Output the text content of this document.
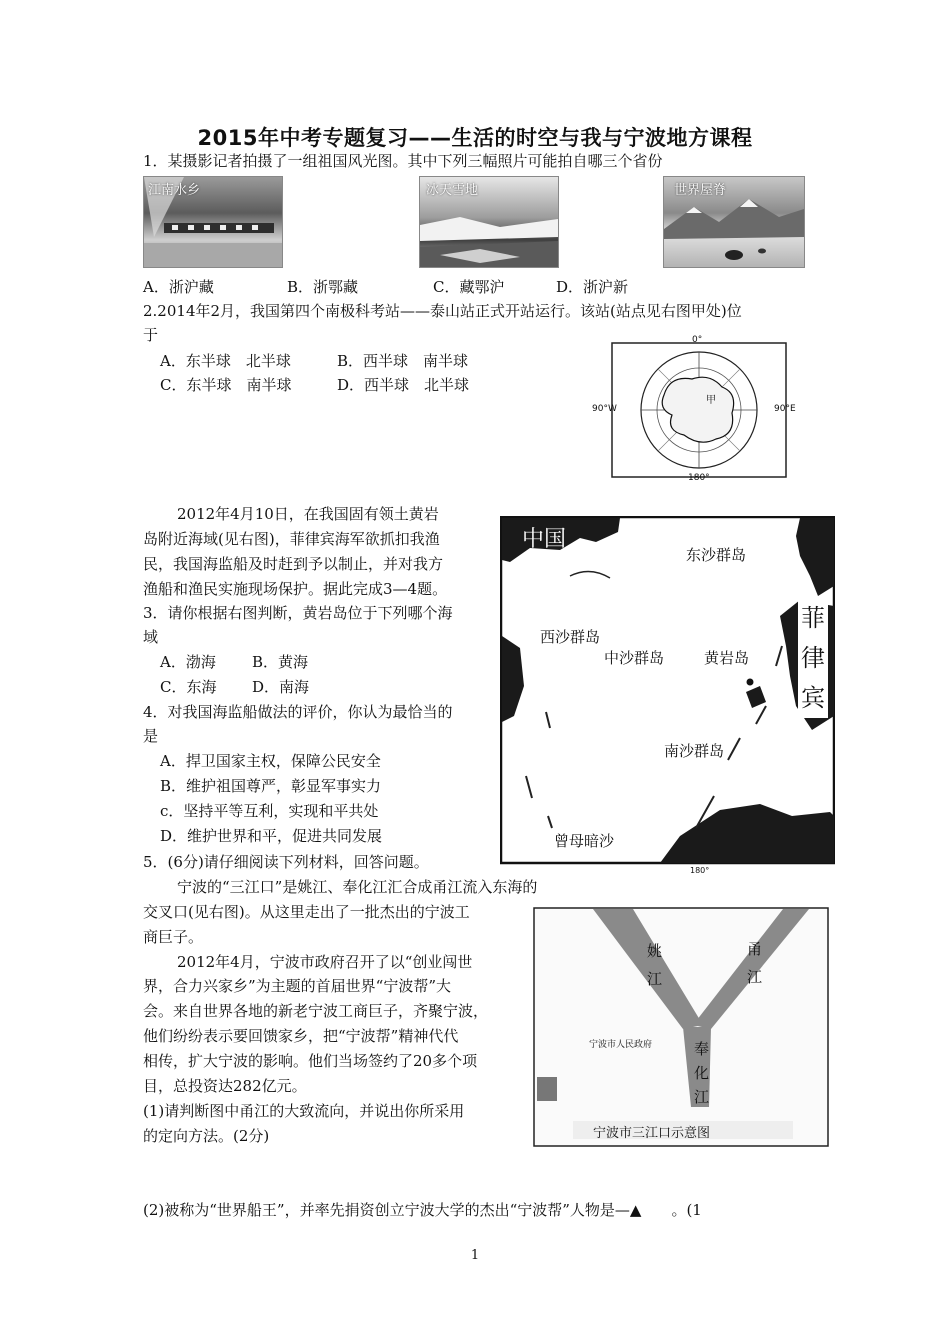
2015年中考专题复习——生活的时空与我与宁波地方课程
1．某摄影记者拍摄了一组祖国风光图。其中下列三幅照片可能拍自哪三个省份
江南水乡	冰天雪地	世界屋脊
A．浙沪藏	B．浙鄂藏	C．藏鄂沪	D．浙沪新
2.2014年2月，我国第四个南极科考站——泰山站正式开站运行。该站(站点见右图甲处)位
于
A．东半球　北半球	B．西半球　南半球
C．东半球　南半球	D．西半球　北半球
0°
90°W	90°E
180°
甲
2012年4月10日，在我国固有领土黄岩
岛附近海域(见右图)，菲律宾海军欲抓扣我渔
民，我国海监船及时赶到予以制止，并对我方
渔船和渔民实施现场保护。据此完成3—4题。
3．请你根据右图判断，黄岩岛位于下列哪个海
域
A．渤海 B．黄海
C．东海 D．南海
4．对我国海监船做法的评价，你认为最恰当的
是
A．捍卫国家主权，保障公民安全
B．维护祖国尊严，彰显军事实力
c．坚持平等互利，实现和平共处
D．维护世界和平，促进共同发展
中国
东沙群岛
西沙群岛
中沙群岛	黄岩岛
南沙群岛
曾母暗沙
菲
律
宾
180°
5．(6分)请仔细阅读下列材料，回答问题。
宁波的“三江口”是姚江、奉化江汇合成甬江流入东海的
交叉口(见右图)。从这里走出了一批杰出的宁波工
商巨子。
2012年4月，宁波市政府召开了以“创业闯世
界，合力兴家乡”为主题的首届世界“宁波帮”大
会。来自世界各地的新老宁波工商巨子，齐聚宁波，
他们纷纷表示要回馈家乡，把“宁波帮”精神代代
相传，扩大宁波的影响。他们当场签约了20多个项
目，总投资达282亿元。
(1)请判断图中甬江的大致流向，并说出你所采用
的定向方法。(2分)
(2)被称为“世界船王”，并率先捐资创立宁波大学的杰出“宁波帮”人物是—▲　　。(1
姚
江
甬
江
奉
化
江
宁波市人民政府
宁波市三江口示意图
1
